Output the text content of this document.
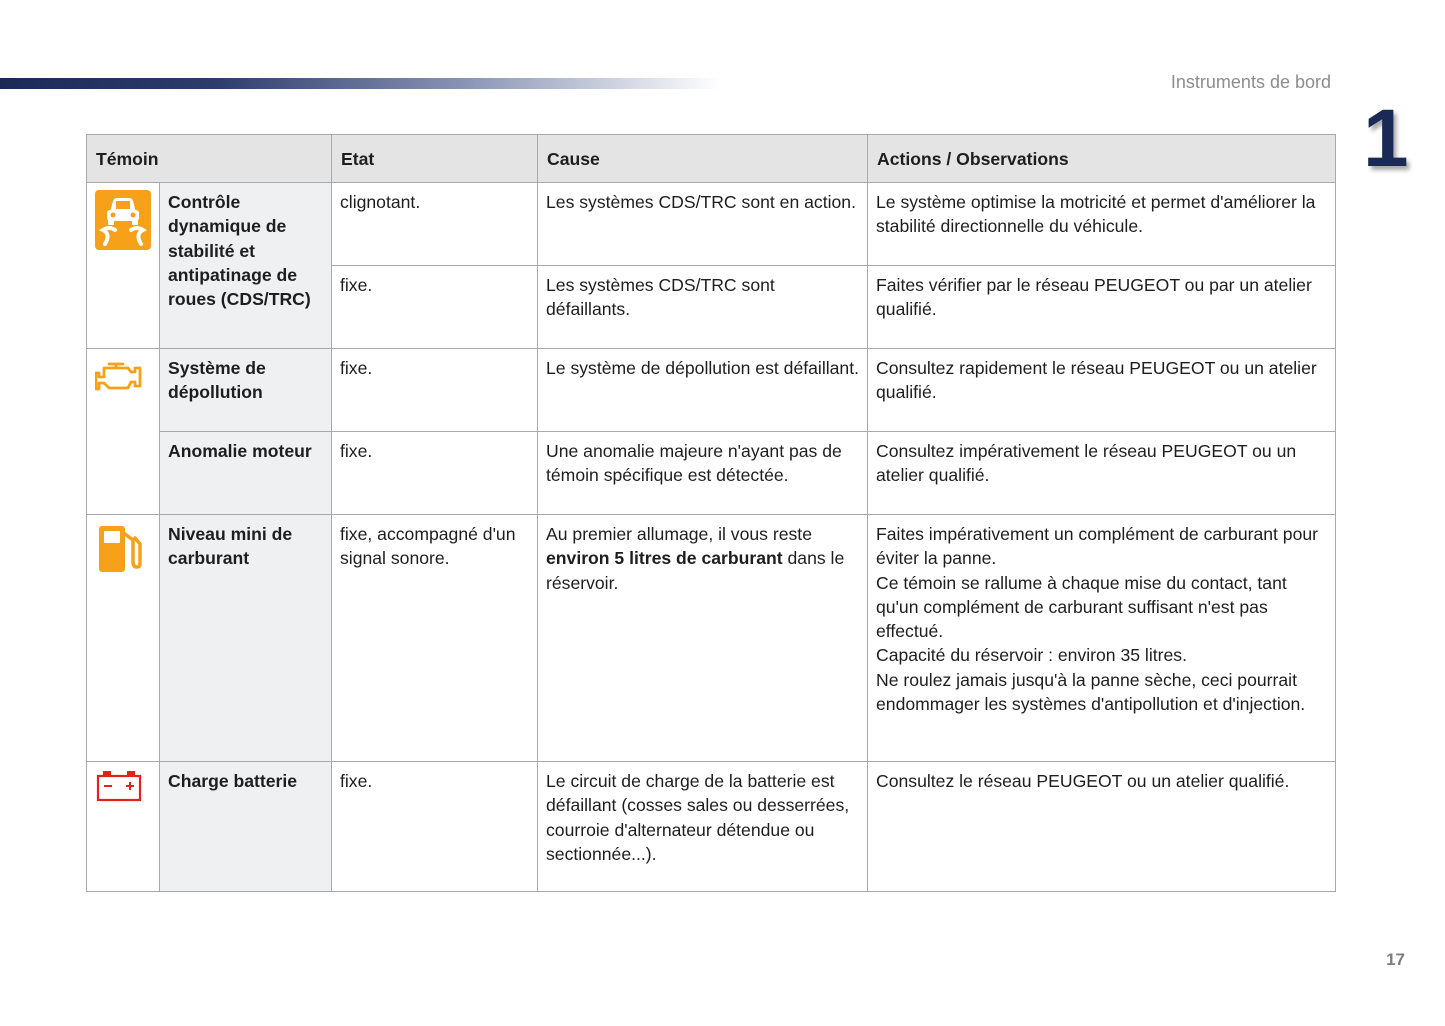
Instruments de bord
1
Témoin		Etat	Cause	Actions / Observations
	Contrôle dynamique de stabilité et antipatinage de roues (CDS/TRC)	clignotant.	Les systèmes CDS/TRC sont en action.	Le système optimise la motricité et permet d'améliorer la stabilité directionnelle du véhicule.
		fixe.	Les systèmes CDS/TRC sont défaillants.	Faites vérifier par le réseau PEUGEOT ou par un atelier qualifié.
	Système de dépollution	fixe.	Le système de dépollution est défaillant.	Consultez rapidement le réseau PEUGEOT ou un atelier qualifié.
	Anomalie moteur	fixe.	Une anomalie majeure n'ayant pas de témoin spécifique est détectée.	Consultez impérativement le réseau PEUGEOT ou un atelier qualifié.
	Niveau mini de carburant	fixe, accompagné d'un signal sonore.	Au premier allumage, il vous reste environ 5 litres de carburant dans le réservoir.	Faites impérativement un complément de carburant pour éviter la panne.
Ce témoin se rallume à chaque mise du contact, tant qu'un complément de carburant suffisant n'est pas effectué.
Capacité du réservoir : environ 35 litres.
Ne roulez jamais jusqu'à la panne sèche, ceci pourrait endommager les systèmes d'antipollution et d'injection.

	Charge batterie	fixe.	Le circuit de charge de la batterie est défaillant (cosses sales ou desserrées, courroie d'alternateur détendue ou sectionnée...).	Consultez le réseau PEUGEOT ou un atelier qualifié.
17
